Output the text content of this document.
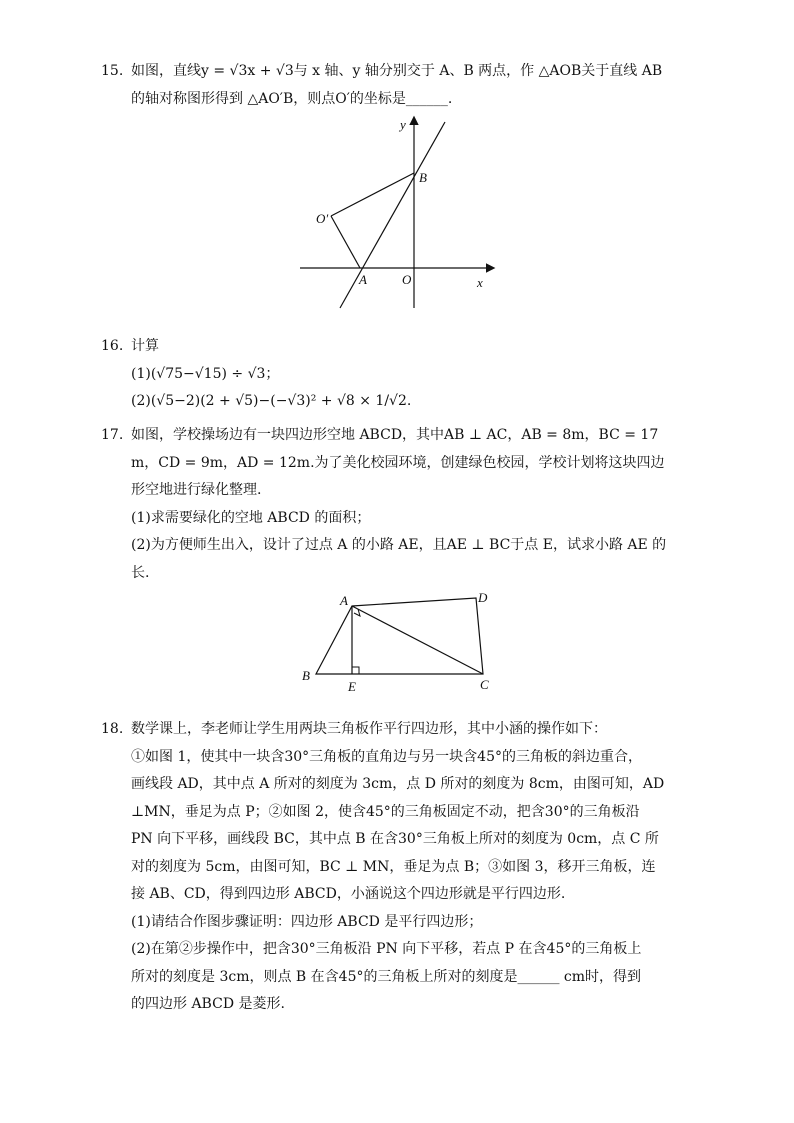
15. 如图，直线y = √3x + √3与 x 轴、y 轴分别交于 A、B 两点，作 △AOB关于直线 AB
的轴对称图形得到 △AO′B，则点O′的坐标是______.
y
x
B
O′
A	O
16. 计算
(1)(√75−√15) ÷ √3；
(2)(√5−2)(2 + √5)−(−√3)² + √8 × 1/√2.
17. 如图，学校操场边有一块四边形空地 ABCD，其中AB ⊥ AC，AB = 8m，BC = 17
m，CD = 9m，AD = 12m.为了美化校园环境，创建绿色校园，学校计划将这块四边
形空地进行绿化整理.
(1)求需要绿化的空地 ABCD 的面积；
(2)为方便师生出入，设计了过点 A 的小路 AE，且AE ⊥ BC于点 E，试求小路 AE 的
长.
A	D
B
E	C
18. 数学课上，李老师让学生用两块三角板作平行四边形，其中小涵的操作如下：
①如图 1，使其中一块含30°三角板的直角边与另一块含45°的三角板的斜边重合，
画线段 AD，其中点 A 所对的刻度为 3cm，点 D 所对的刻度为 8cm，由图可知，AD
⊥MN，垂足为点 P；②如图 2，使含45°的三角板固定不动，把含30°的三角板沿
PN 向下平移，画线段 BC，其中点 B 在含30°三角板上所对的刻度为 0cm，点 C 所
对的刻度为 5cm，由图可知，BC ⊥ MN，垂足为点 B；③如图 3，移开三角板，连
接 AB、CD，得到四边形 ABCD，小涵说这个四边形就是平行四边形.
(1)请结合作图步骤证明：四边形 ABCD 是平行四边形；
(2)在第②步操作中，把含30°三角板沿 PN 向下平移，若点 P 在含45°的三角板上
所对的刻度是 3cm，则点 B 在含45°的三角板上所对的刻度是______ cm时，得到
的四边形 ABCD 是菱形.
